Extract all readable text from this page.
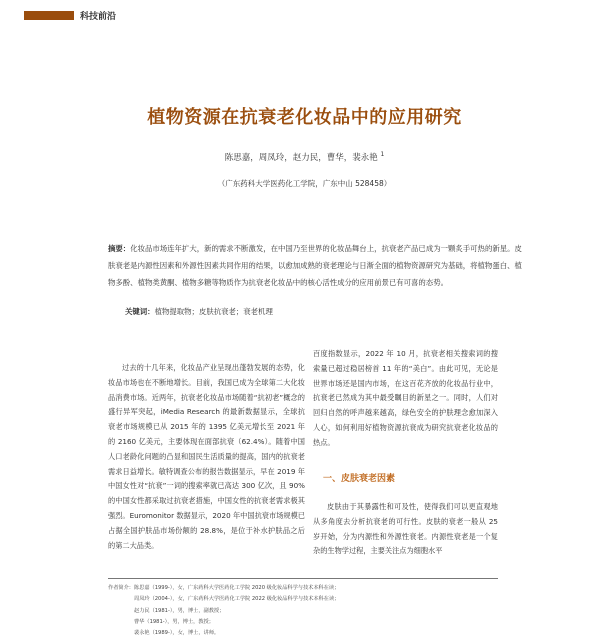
科技前沿
植物资源在抗衰老化妆品中的应用研究
陈思嘉，周凤玲，赵力民，曹华，裴永艳 $^1$
（广东药科大学医药化工学院，广东中山 528458）
摘要：化妆品市场连年扩大，新的需求不断激发，在中国乃至世界的化妆品舞台上，抗衰老产品已成为一颗炙手可热的新星。皮肤衰老是内源性因素和外源性因素共同作用的结果，以愈加成熟的衰老理论与日渐全面的植物资源研究为基础，将植物蛋白、植物多酚、植物类黄酮、植物多糖等物质作为抗衰老化妆品中的核心活性成分的应用前景已有可喜的态势。
关键词：植物提取物；皮肤抗衰老；衰老机理

过去的十几年来，化妆品产业呈现出蓬勃发展的态势，化妆品市场也在不断地增长。目前，我国已成为全球第二大化妆品消费市场。近两年，抗衰老化妆品市场随着“抗初老”概念的盛行异军突起，iMedia Research 的最新数据显示，全球抗衰老市场规模已从 2015 年的 1395 亿美元增长至 2021 年的 2160 亿美元，主要体现在面部抗衰（62.4%）。随着中国人口老龄化问题的凸显和国民生活质量的提高，国内的抗衰老需求日益增长。敏特调查公布的报告数据显示，早在 2019 年中国女性对“抗衰”一词的搜索率就已高达 300 亿次，且 90% 的中国女性都采取过抗衰老措施，中国女性的抗衰老需求极其强烈。Euromonitor 数据显示，2020 年中国抗衰市场规模已占据全国护肤品市场份额的 28.8%，是位于补水护肤品之后的第二大品类。

百度指数显示，2022 年 10 月，抗衰老相关搜索词的搜索量已超过稳居榜首 11 年的“美白”。由此可见，无论是世界市场还是国内市场，在这百花齐放的化妆品行业中，抗衰老已然成为其中最受瞩目的新星之一。同时，人们对回归自然的呼声越来越高，绿色安全的护肤理念愈加深入人心，如何利用好植物资源抗衰成为研究抗衰老化妆品的热点。

一、皮肤衰老因素

皮肤由于其暴露性和可及性，使得我们可以更直观地从多角度去分析抗衰老的可行性。皮肤的衰老一般从 25 岁开始，分为内源性和外源性衰老。内源性衰老是一个复杂的生物学过程，主要关注点为细胞水平

作者简介：陈思嘉（1999-），女，广东药科大学医药化工学院 2020 级化妆品科学与技术本科在读；
周凤玲（2004-），女，广东药科大学医药化工学院 2022 级化妆品科学与技术本科在读；
赵力民（1981-），男，博士，副教授；
曹华（1981-），男，博士，教授；
裴永艳（1989-），女，博士，讲师。
